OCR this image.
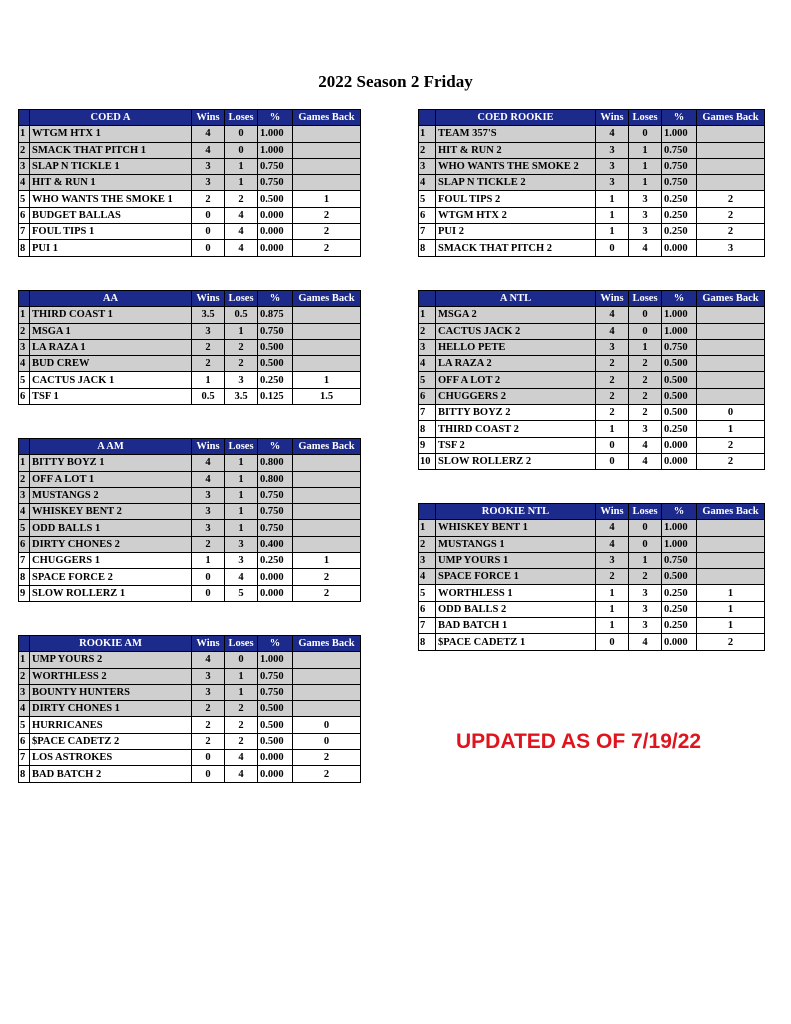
2022 Season 2 Friday
	COED A	Wins	Loses	%	Games Back
1	WTGM HTX 1	4	0	1.000	
2	SMACK THAT PITCH 1	4	0	1.000	
3	SLAP N TICKLE 1	3	1	0.750	
4	HIT & RUN 1	3	1	0.750	
5	WHO WANTS THE SMOKE 1	2	2	0.500	1
6	BUDGET BALLAS	0	4	0.000	2
7	FOUL TIPS 1	0	4	0.000	2
8	PUI 1	0	4	0.000	2
	AA	Wins	Loses	%	Games Back
1	THIRD COAST 1	3.5	0.5	0.875	
2	MSGA 1	3	1	0.750	
3	LA RAZA 1	2	2	0.500	
4	BUD CREW	2	2	0.500	
5	CACTUS JACK 1	1	3	0.250	1
6	TSF 1	0.5	3.5	0.125	1.5
	A AM	Wins	Loses	%	Games Back
1	BITTY BOYZ 1	4	1	0.800	
2	OFF A LOT 1	4	1	0.800	
3	MUSTANGS 2	3	1	0.750	
4	WHISKEY BENT 2	3	1	0.750	
5	ODD BALLS 1	3	1	0.750	
6	DIRTY CHONES 2	2	3	0.400	
7	CHUGGERS 1	1	3	0.250	1
8	SPACE FORCE 2	0	4	0.000	2
9	SLOW ROLLERZ 1	0	5	0.000	2
	ROOKIE AM	Wins	Loses	%	Games Back
1	UMP YOURS 2	4	0	1.000	
2	WORTHLESS 2	3	1	0.750	
3	BOUNTY HUNTERS	3	1	0.750	
4	DIRTY CHONES 1	2	2	0.500	
5	HURRICANES	2	2	0.500	0
6	$PACE CADETZ 2	2	2	0.500	0
7	LOS ASTROKES	0	4	0.000	2
8	BAD BATCH 2	0	4	0.000	2
	COED ROOKIE	Wins	Loses	%	Games Back
1	TEAM 357'S	4	0	1.000	
2	HIT & RUN 2	3	1	0.750	
3	WHO WANTS THE SMOKE 2	3	1	0.750	
4	SLAP N TICKLE 2	3	1	0.750	
5	FOUL TIPS 2	1	3	0.250	2
6	WTGM HTX 2	1	3	0.250	2
7	PUI 2	1	3	0.250	2
8	SMACK THAT PITCH 2	0	4	0.000	3
	A NTL	Wins	Loses	%	Games Back
1	MSGA 2	4	0	1.000	
2	CACTUS JACK 2	4	0	1.000	
3	HELLO PETE	3	1	0.750	
4	LA RAZA 2	2	2	0.500	
5	OFF A LOT 2	2	2	0.500	
6	CHUGGERS 2	2	2	0.500	
7	BITTY BOYZ 2	2	2	0.500	0
8	THIRD COAST 2	1	3	0.250	1
9	TSF 2	0	4	0.000	2
10	SLOW ROLLERZ 2	0	4	0.000	2
	ROOKIE NTL	Wins	Loses	%	Games Back
1	WHISKEY BENT 1	4	0	1.000	
2	MUSTANGS 1	4	0	1.000	
3	UMP YOURS 1	3	1	0.750	
4	SPACE FORCE 1	2	2	0.500	
5	WORTHLESS 1	1	3	0.250	1
6	ODD BALLS 2	1	3	0.250	1
7	BAD BATCH 1	1	3	0.250	1
8	$PACE CADETZ 1	0	4	0.000	2
UPDATED AS OF 7/19/22
